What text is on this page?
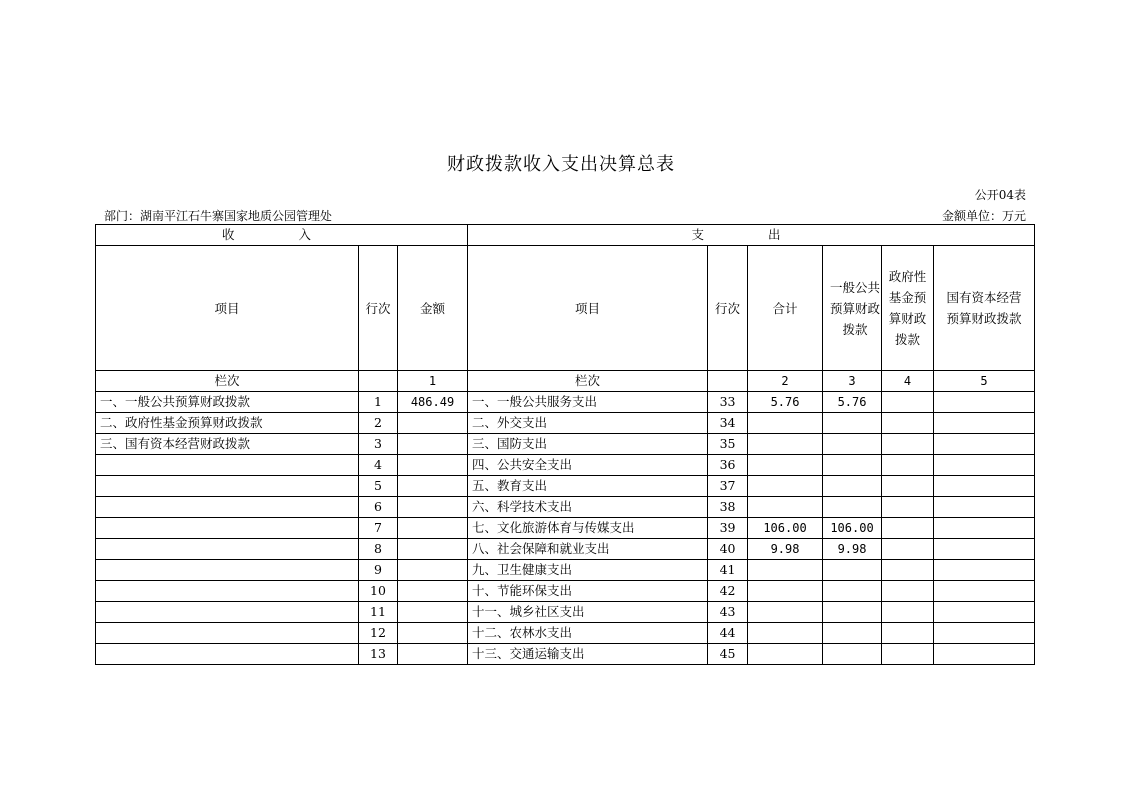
财政拨款收入支出决算总表
公开04表
部门：湖南平江石牛寨国家地质公园管理处	金额单位：万元
收 入			支 出					
项目	行次	金额	项目	行次	合计	一般公共预算财政拨款	政府性基金预算财政拨款	国有资本经营预算财政拨款
栏次		1	栏次		2	3	4	5
一、一般公共预算财政拨款	1	486.49	一、一般公共服务支出	33	5.76	5.76		
二、政府性基金预算财政拨款	2		二、外交支出	34				
三、国有资本经营财政拨款	3		三、国防支出	35				
	4		四、公共安全支出	36				
	5		五、教育支出	37				
	6		六、科学技术支出	38				
	7		七、文化旅游体育与传媒支出	39	106.00	106.00		
	8		八、社会保障和就业支出	40	9.98	9.98		
	9		九、卫生健康支出	41				
	10		十、节能环保支出	42				
	11		十一、城乡社区支出	43				
	12		十二、农林水支出	44				
	13		十三、交通运输支出	45				
